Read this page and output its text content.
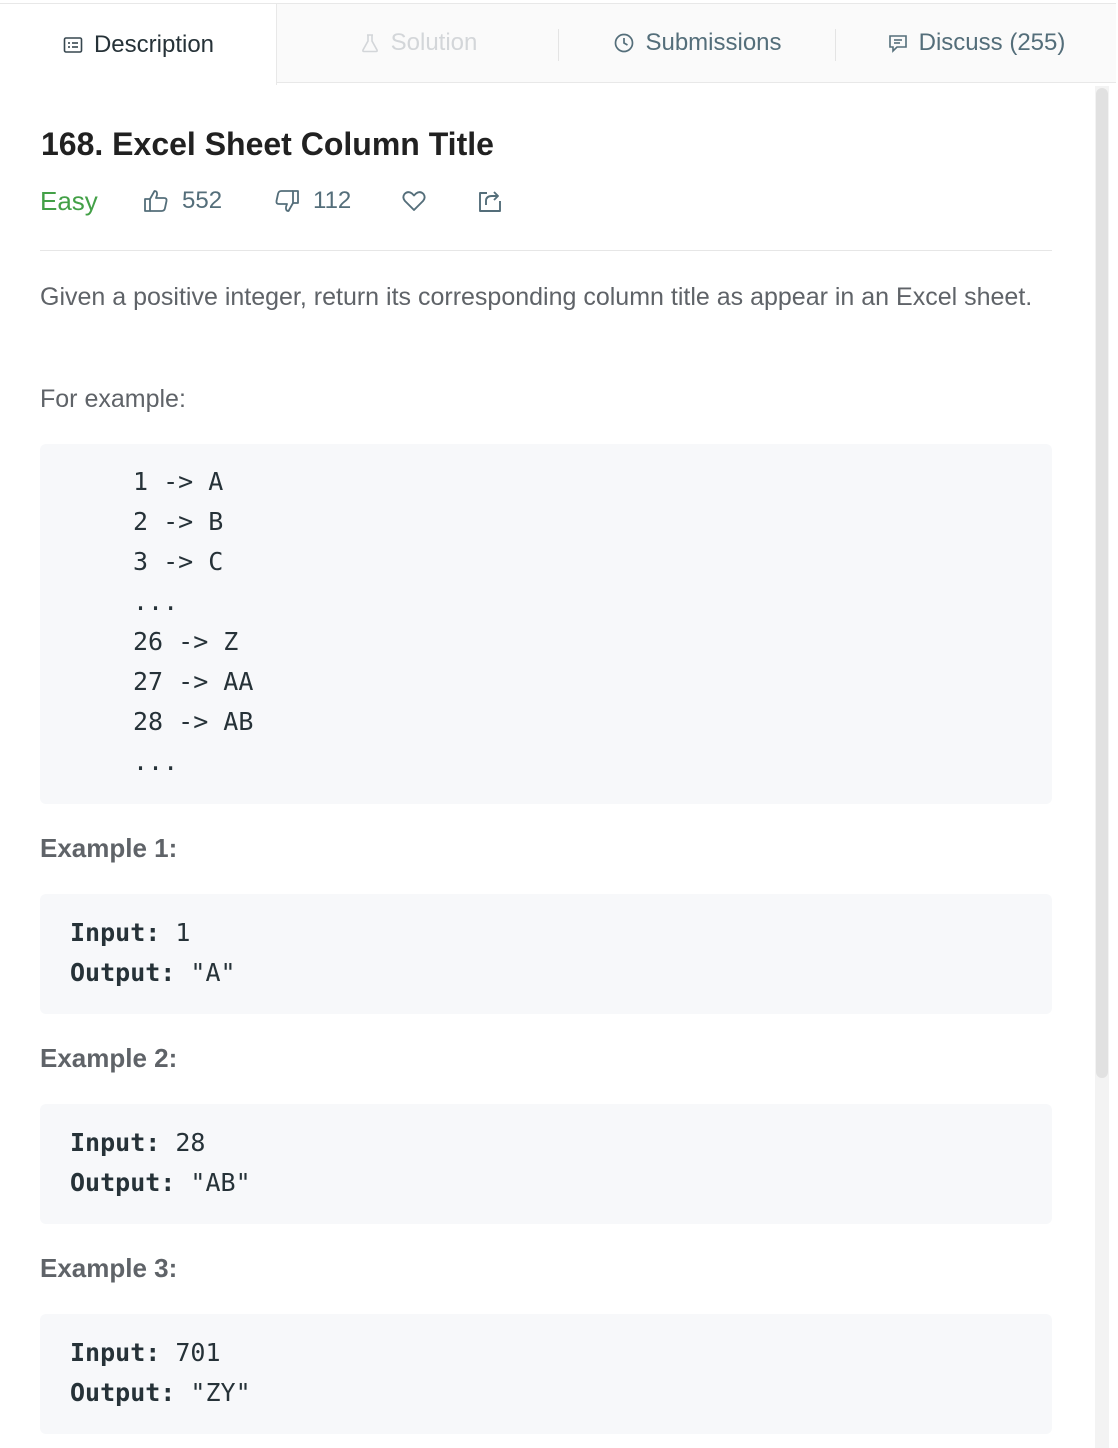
Description	Solution	Submissions	Discuss (255)
168. Excel Sheet Column Title
Easy	552	112

Given a positive integer, return its corresponding column title as appear in an Excel sheet.

For example:

1 -> A
2 -> B
3 -> C
...
26 -> Z
27 -> AA
28 -> AB
...
Example 1:
Input: 1
Output: "A"
Example 2:
Input: 28
Output: "AB"
Example 3:
Input: 701
Output: "ZY"
